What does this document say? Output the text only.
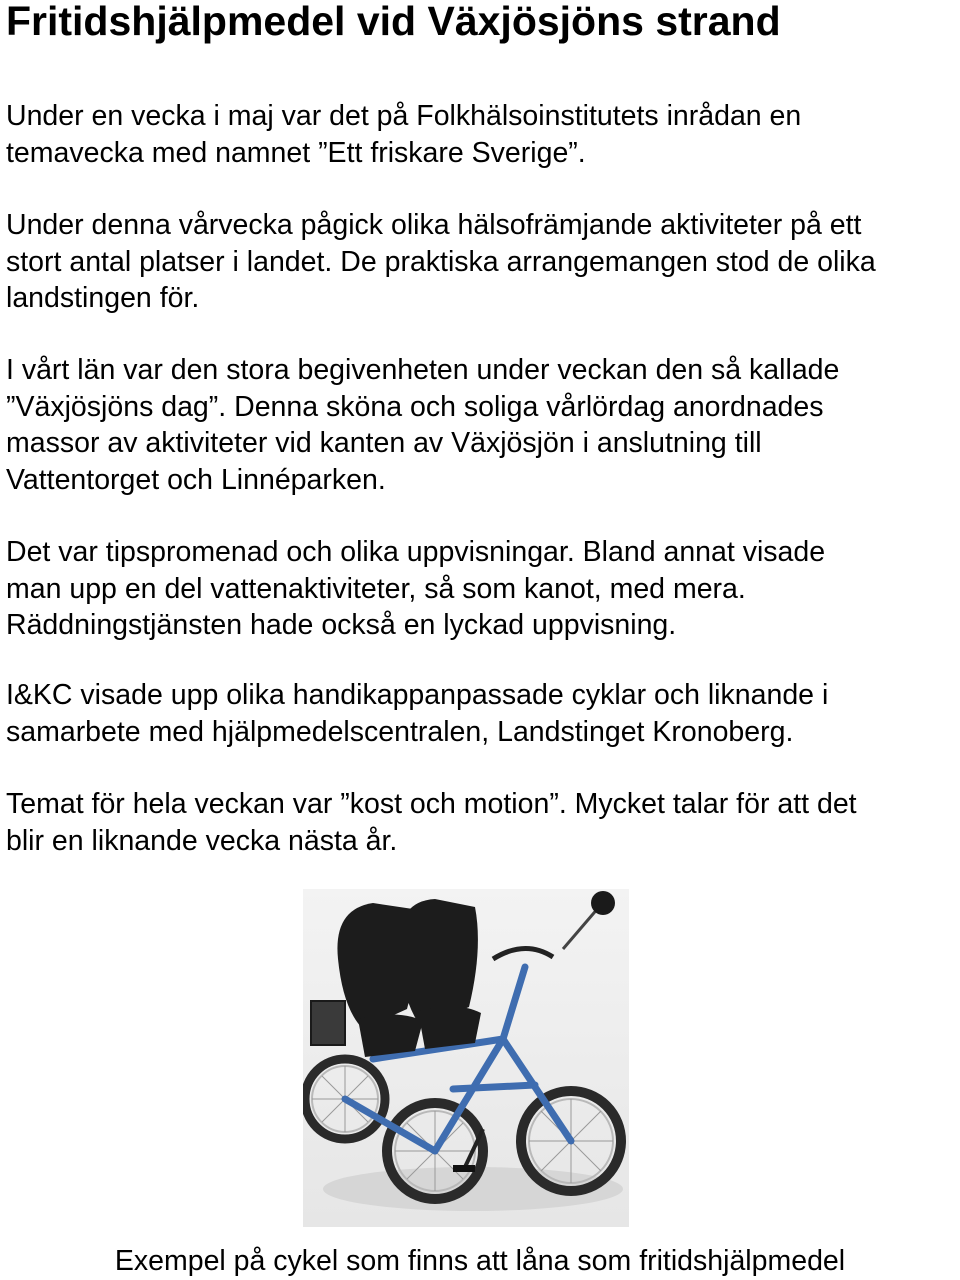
Fritidshjälpmedel vid Växjösjöns strand

Under en vecka i maj var det på Folkhälsoinstitutets inrådan en
temavecka med namnet ”Ett friskare Sverige”.

Under denna vårvecka pågick olika hälsofrämjande aktiviteter på ett
stort antal platser i landet. De praktiska arrangemangen stod de olika
landstingen för.

I vårt län var den stora begivenheten under veckan den så kallade
”Växjösjöns dag”. Denna sköna och soliga vårlördag anordnades
massor av aktiviteter vid kanten av Växjösjön i anslutning till
Vattentorget och Linnéparken.

Det var tipspromenad och olika uppvisningar. Bland annat visade
man upp en del vattenaktiviteter, så som kanot, med mera.
Räddningstjänsten hade också en lyckad uppvisning.

I&KC visade upp olika handikappanpassade cyklar och liknande i
samarbete med hjälpmedelscentralen, Landstinget Kronoberg.

Temat för hela veckan var ”kost och motion”. Mycket talar för att det
blir en liknande vecka nästa år.

Exempel på cykel som finns att låna som fritidshjälpmedel
